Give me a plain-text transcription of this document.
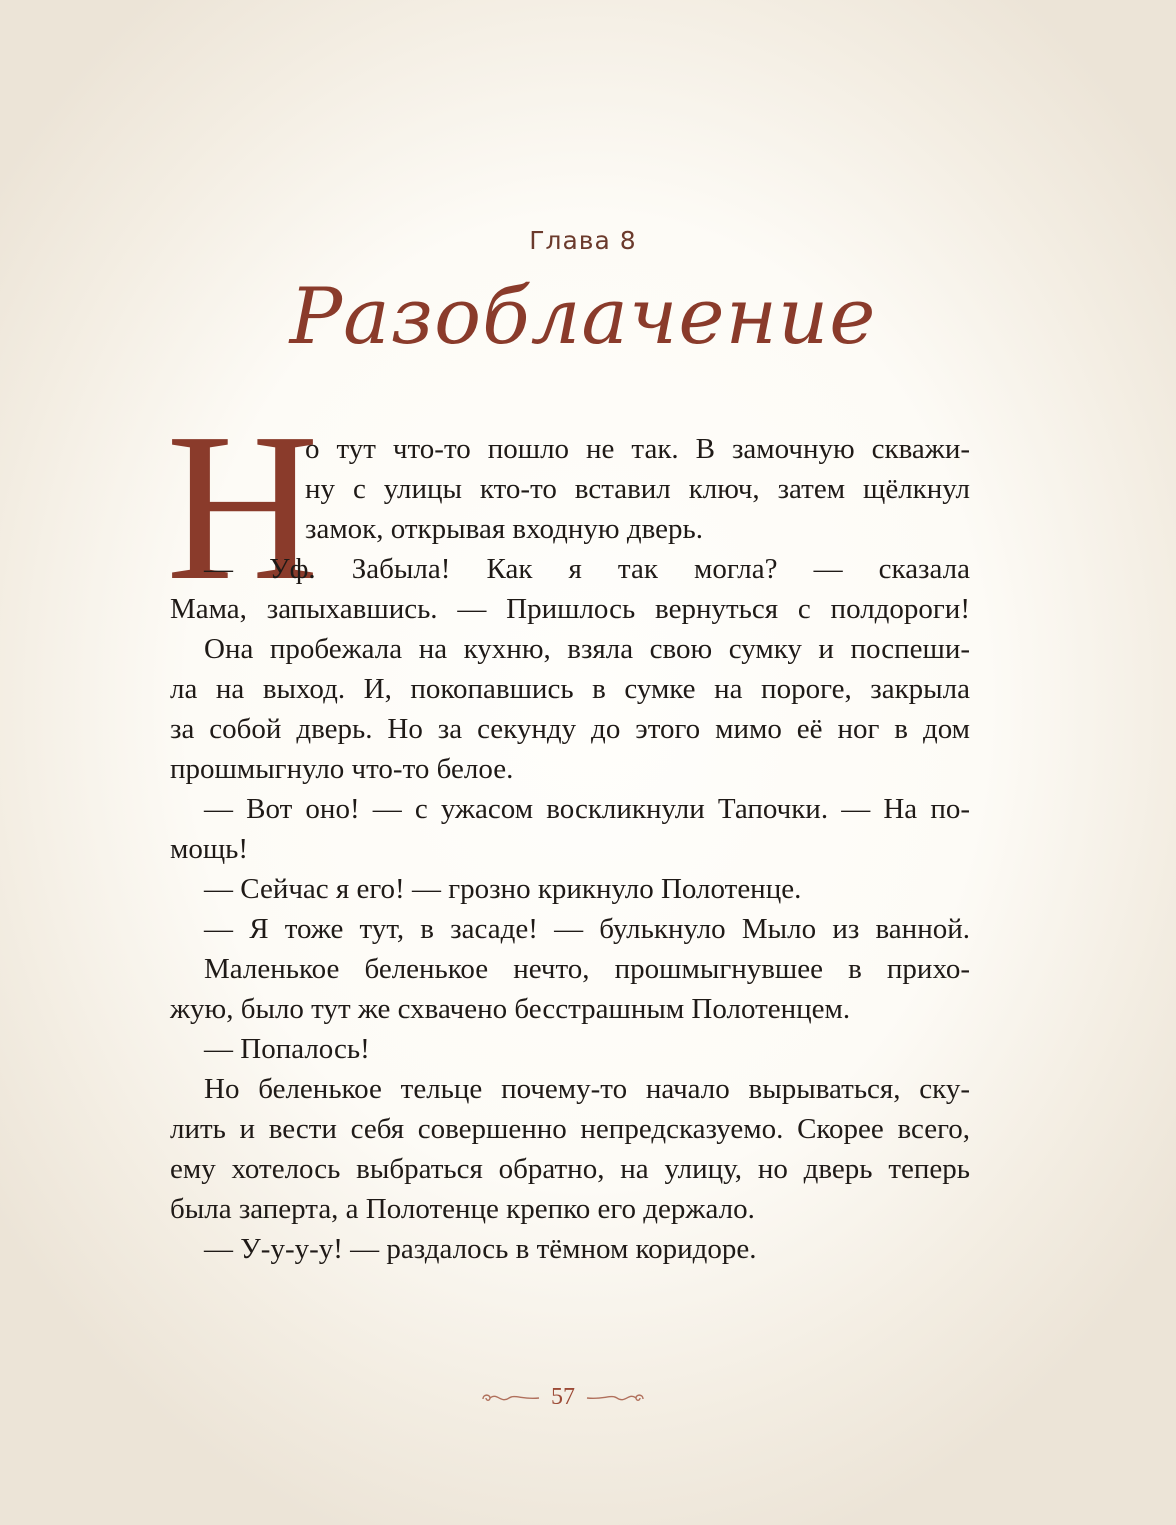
Глава 8
Разоблачение
Н
о тут что-то пошло не так. В замочную скважи-
ну с улицы кто-то вставил ключ, затем щёлкнул
замок, открывая входную дверь.
— Уф. Забыла! Как я так могла? — сказала
Мама, запыхавшись. — Пришлось вернуться с полдороги!
Она пробежала на кухню, взяла свою сумку и поспеши-
ла на выход. И, покопавшись в сумке на пороге, закрыла
за собой дверь. Но за секунду до этого мимо её ног в дом
прошмыгнуло что-то белое.
— Вот оно! — с ужасом воскликнули Тапочки. — На по-
мощь!
— Сейчас я его! — грозно крикнуло Полотенце.
— Я тоже тут, в засаде! — булькнуло Мыло из ванной.
Маленькое беленькое нечто, прошмыгнувшее в прихо-
жую, было тут же схвачено бесстрашным Полотенцем.
— Попалось!
Но беленькое тельце почему-то начало вырываться, ску-
лить и вести себя совершенно непредсказуемо. Скорее всего,
ему хотелось выбраться обратно, на улицу, но дверь теперь
была заперта, а Полотенце крепко его держало.
— У-у-у-у! — раздалось в тёмном коридоре.
57
